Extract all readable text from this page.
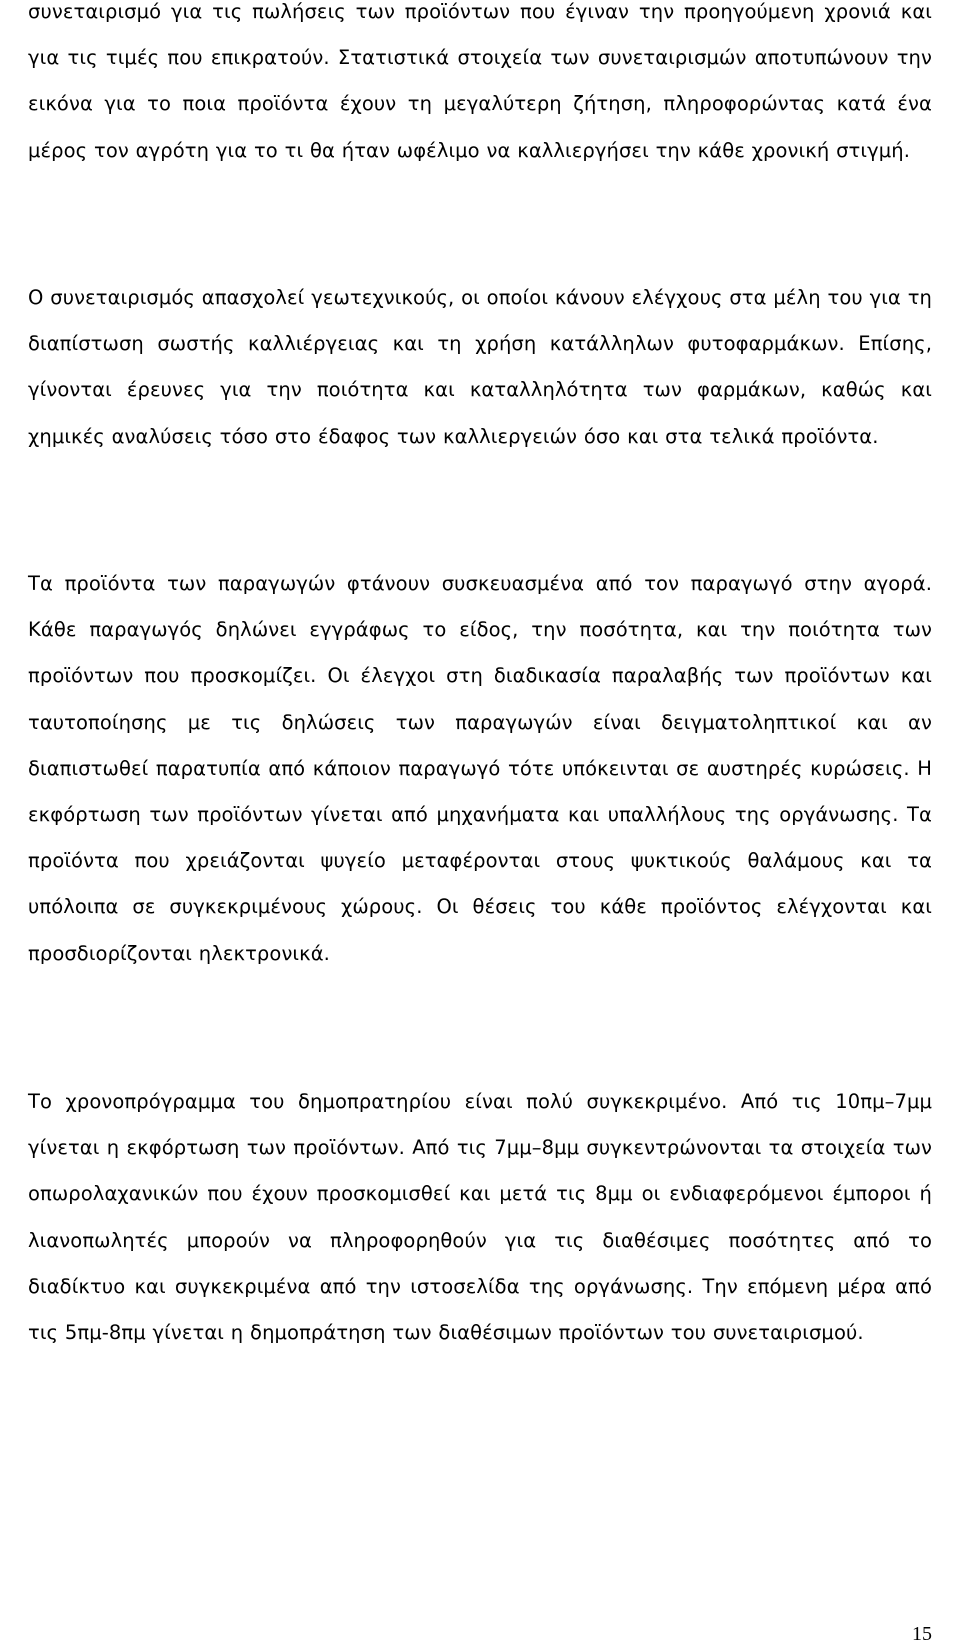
συνεταιρισμό για τις πωλήσεις των προϊόντων που έγιναν την προηγούμενη χρονιά και για τις τιμές που επικρατούν. Στατιστικά στοιχεία των συνεταιρισμών αποτυπώνουν την εικόνα για το ποια προϊόντα έχουν τη μεγαλύτερη ζήτηση, πληροφορώντας κατά ένα μέρος τον αγρότη για το τι θα ήταν ωφέλιμο να καλλιεργήσει την κάθε χρονική στιγμή.

Ο συνεταιρισμός απασχολεί γεωτεχνικούς, οι οποίοι κάνουν ελέγχους στα μέλη του για τη διαπίστωση σωστής καλλιέργειας και τη χρήση κατάλληλων φυτοφαρμάκων. Επίσης, γίνονται έρευνες για την ποιότητα και καταλληλότητα των φαρμάκων, καθώς και χημικές αναλύσεις τόσο στο έδαφος των καλλιεργειών όσο και στα τελικά προϊόντα.

Τα προϊόντα των παραγωγών φτάνουν συσκευασμένα από τον παραγωγό στην αγορά. Κάθε παραγωγός δηλώνει εγγράφως το είδος, την ποσότητα, και την ποιότητα των προϊόντων που προσκομίζει. Οι έλεγχοι στη διαδικασία παραλαβής των προϊόντων και ταυτοποίησης με τις δηλώσεις των παραγωγών είναι δειγματοληπτικοί και αν διαπιστωθεί παρατυπία από κάποιον παραγωγό τότε υπόκεινται σε αυστηρές κυρώσεις. Η εκφόρτωση των προϊόντων γίνεται από μηχανήματα και υπαλλήλους της οργάνωσης. Τα προϊόντα που χρειάζονται ψυγείο μεταφέρονται στους ψυκτικούς θαλάμους και τα υπόλοιπα σε συγκεκριμένους χώρους. Οι θέσεις του κάθε προϊόντος ελέγχονται και προσδιορίζονται ηλεκτρονικά.

Το χρονοπρόγραμμα του δημοπρατηρίου είναι πολύ συγκεκριμένο. Από τις 10πμ–7μμ γίνεται η εκφόρτωση των προϊόντων. Από τις 7μμ–8μμ συγκεντρώνονται τα στοιχεία των οπωρολαχανικών που έχουν προσκομισθεί και μετά τις 8μμ οι ενδιαφερόμενοι έμποροι ή λιανοπωλητές μπορούν να πληροφορηθούν για τις διαθέσιμες ποσότητες από το διαδίκτυο και συγκεκριμένα από την ιστοσελίδα της οργάνωσης. Την επόμενη μέρα από τις 5πμ-8πμ γίνεται η δημοπράτηση των διαθέσιμων προϊόντων του συνεταιρισμού.

15
